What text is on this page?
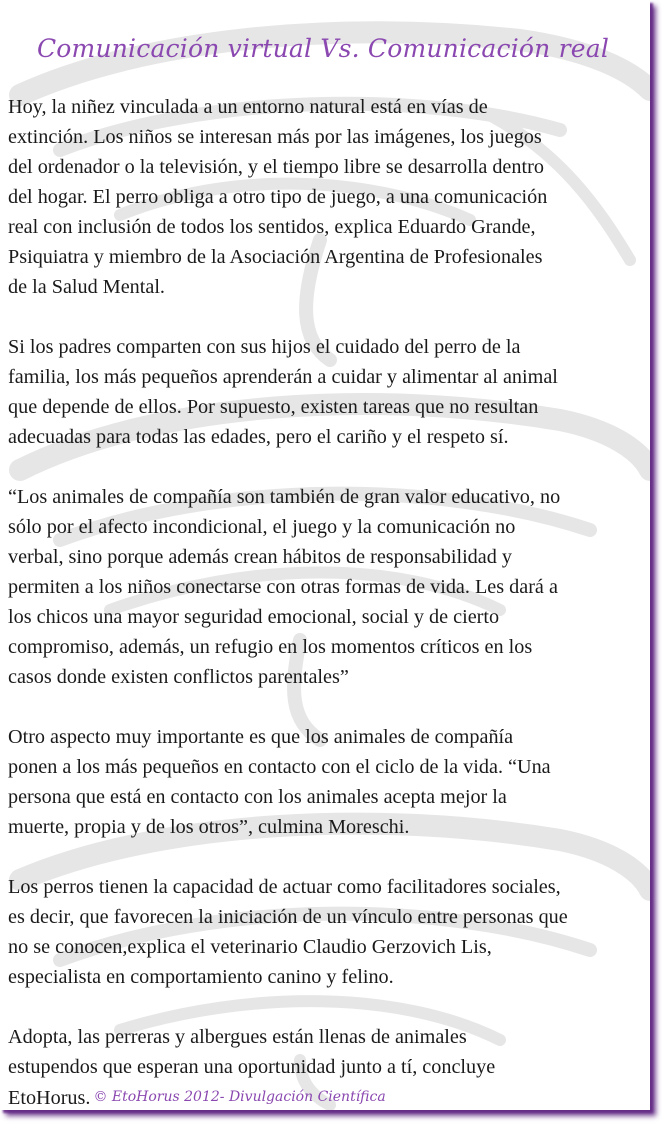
Comunicación virtual Vs. Comunicación real
Hoy, la niñez vinculada a un entorno natural está en vías de
extinción. Los niños se interesan más por las imágenes, los juegos
del ordenador o la televisión, y el tiempo libre se desarrolla dentro
del hogar. El perro obliga a otro tipo de juego, a una comunicación
real con inclusión de todos los sentidos, explica Eduardo Grande,
Psiquiatra y miembro de la Asociación Argentina de Profesionales
de la Salud Mental.
Si los padres comparten con sus hijos el cuidado del perro de la
familia, los más pequeños aprenderán a cuidar y alimentar al animal
que depende de ellos. Por supuesto, existen tareas que no resultan
adecuadas para todas las edades, pero el cariño y el respeto sí.
“Los animales de compañía son también de gran valor educativo, no
sólo por el afecto incondicional, el juego y la comunicación no
verbal, sino porque además crean hábitos de responsabilidad y
permiten a los niños conectarse con otras formas de vida. Les dará a
los chicos una mayor seguridad emocional, social y de cierto
compromiso, además, un refugio en los momentos críticos en los
casos donde existen conflictos parentales”
Otro aspecto muy importante es que los animales de compañía
ponen a los más pequeños en contacto con el ciclo de la vida. “Una
persona que está en contacto con los animales acepta mejor la
muerte, propia y de los otros”, culmina Moreschi.
Los perros tienen la capacidad de actuar como facilitadores sociales,
es decir, que favorecen la iniciación de un vínculo entre personas que
no se conocen,explica el veterinario Claudio Gerzovich Lis,
especialista en comportamiento canino y felino.
Adopta, las perreras y albergues están llenas de animales
estupendos que esperan una oportunidad junto a tí, concluye
EtoHorus. © EtoHorus 2012- Divulgación Científica
